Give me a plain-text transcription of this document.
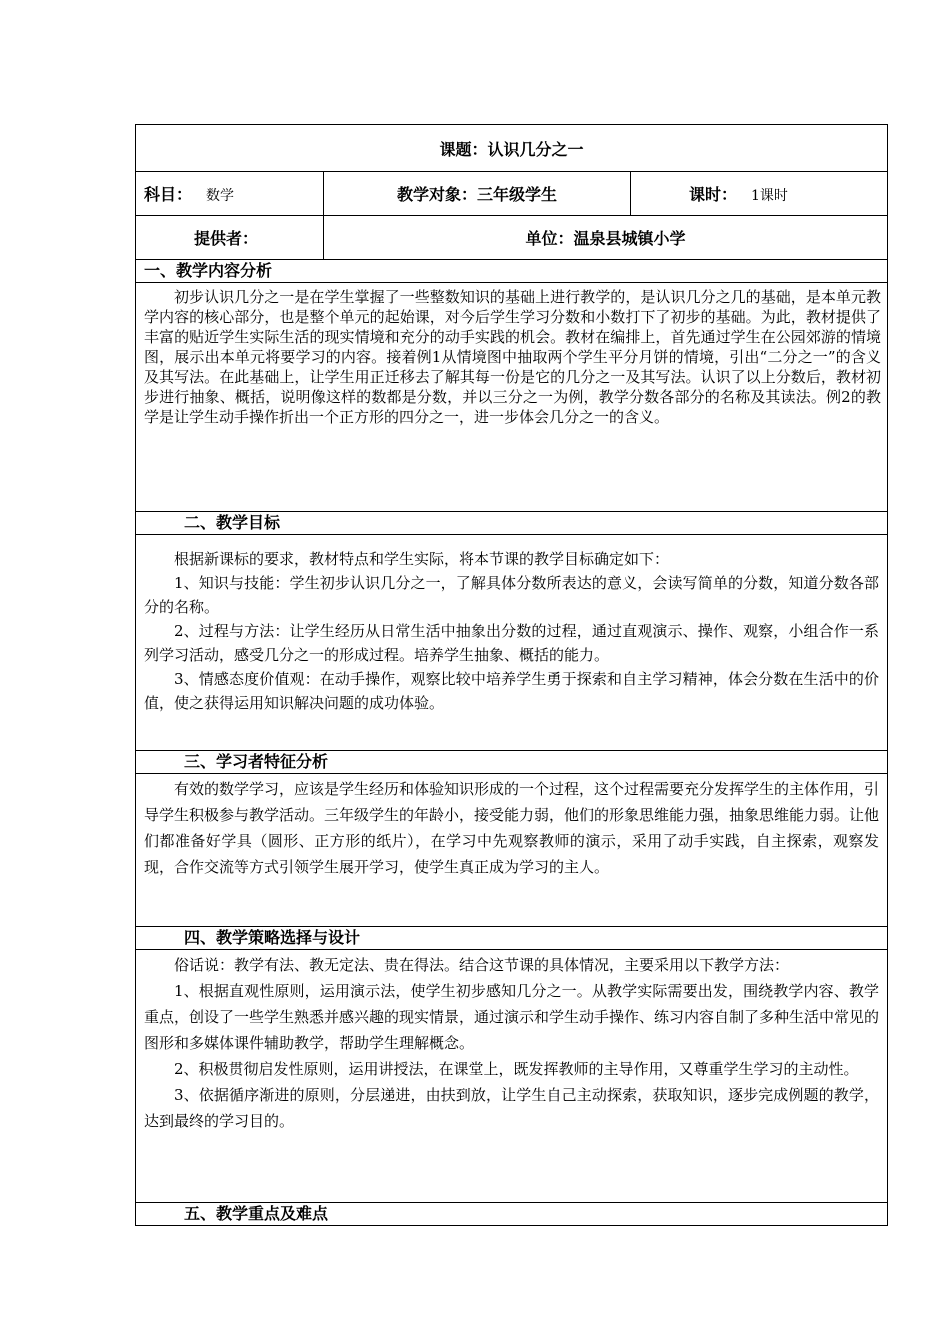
课题：认识几分之一		
科目： 数学	教学对象：三年级学生	课时： 1课时
提供者：	单位：温泉县城镇小学	
一、教学内容分析		

初步认识几分之一是在学生掌握了一些整数知识的基础上进行教学的，是认识几分之几的基础，是本单元教学内容的核心部分，也是整个单元的起始课，对今后学生学习分数和小数打下了初步的基础。为此，教材提供了丰富的贴近学生实际生活的现实情境和充分的动手实践的机会。教材在编排上，首先通过学生在公园郊游的情境图，展示出本单元将要学习的内容。接着例1从情境图中抽取两个学生平分月饼的情境，引出“二分之一”的含义及其写法。在此基础上，让学生用正迁移去了解其每一份是它的几分之一及其写法。认识了以上分数后，教材初步进行抽象、概括，说明像这样的数都是分数，并以三分之一为例，教学分数各部分的名称及其读法。例2的教学是让学生动手操作折出一个正方形的四分之一，进一步体会几分之一的含义。		

二、教学目标		

根据新课标的要求，教材特点和学生实际，将本节课的教学目标确定如下：

1、知识与技能：学生初步认识几分之一，了解具体分数所表达的意义，会读写简单的分数，知道分数各部分的名称。

2、过程与方法：让学生经历从日常生活中抽象出分数的过程，通过直观演示、操作、观察，小组合作一系列学习活动，感受几分之一的形成过程。培养学生抽象、概括的能力。

3、情感态度价值观：在动手操作，观察比较中培养学生勇于探索和自主学习精神，体会分数在生活中的价值，使之获得运用知识解决问题的成功体验。		

三、学习者特征分析		

有效的数学学习，应该是学生经历和体验知识形成的一个过程，这个过程需要充分发挥学生的主体作用，引导学生积极参与教学活动。三年级学生的年龄小，接受能力弱，他们的形象思维能力强，抽象思维能力弱。让他们都准备好学具（圆形、正方形的纸片），在学习中先观察教师的演示，采用了动手实践，自主探索，观察发现，合作交流等方式引领学生展开学习，使学生真正成为学习的主人。		

四、教学策略选择与设计		

俗话说：教学有法、教无定法、贵在得法。结合这节课的具体情况，主要采用以下教学方法：

1、根据直观性原则，运用演示法，使学生初步感知几分之一。从教学实际需要出发，围绕教学内容、教学重点，创设了一些学生熟悉并感兴趣的现实情景，通过演示和学生动手操作、练习内容自制了多种生活中常见的图形和多媒体课件辅助教学，帮助学生理解概念。

2、积极贯彻启发性原则，运用讲授法，在课堂上，既发挥教师的主导作用，又尊重学生学习的主动性。

3、依据循序渐进的原则，分层递进，由扶到放，让学生自己主动探索，获取知识，逐步完成例题的教学，达到最终的学习目的。		

五、教学重点及难点		
